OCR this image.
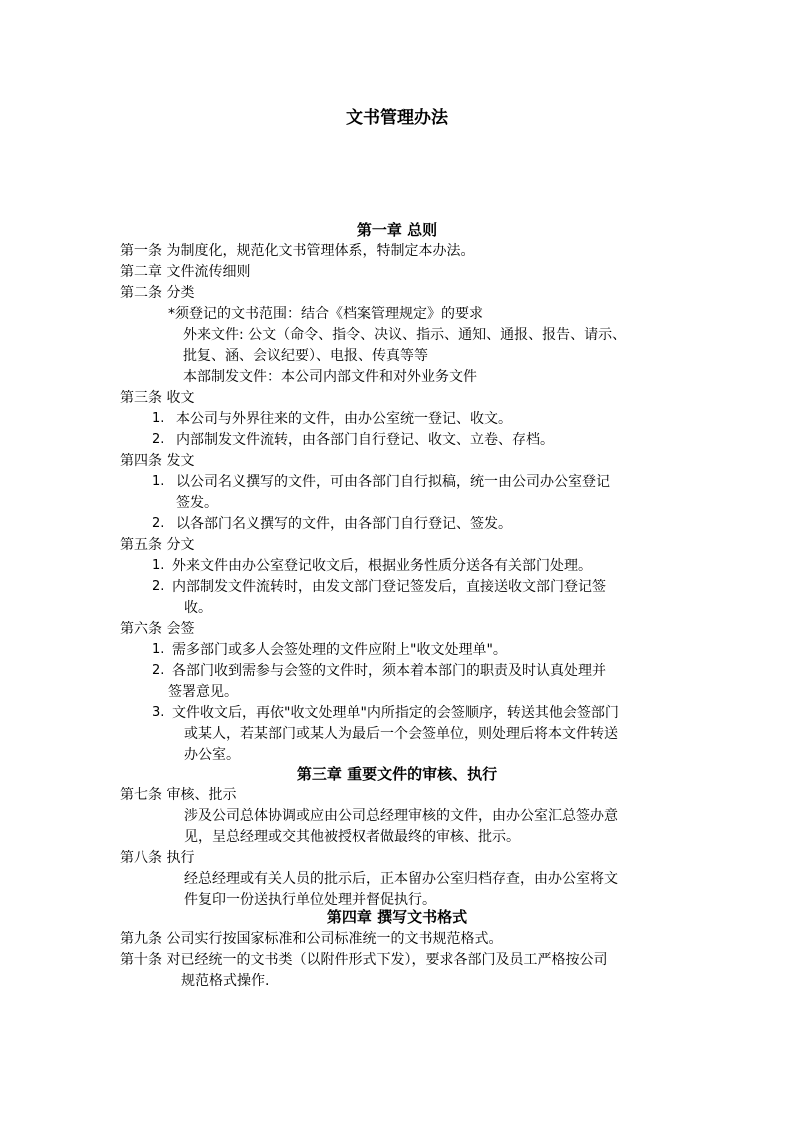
文书管理办法
第一章 总则
第一条 为制度化，规范化文书管理体系，特制定本办法。
第二章 文件流传细则
第二条 分类
*须登记的文书范围：结合《档案管理规定》的要求
外来文件: 公文（命令、指令、决议、指示、通知、通报、报告、请示、
批复、涵、会议纪要）、电报、传真等等
本部制发文件：本公司内部文件和对外业务文件
第三条 收文
1. 本公司与外界往来的文件，由办公室统一登记、收文。
2. 内部制发文件流转，由各部门自行登记、收文、立卷、存档。
第四条 发文
1. 以公司名义撰写的文件，可由各部门自行拟稿，统一由公司办公室登记
签发。
2. 以各部门名义撰写的文件，由各部门自行登记、签发。
第五条 分文
1. 外来文件由办公室登记收文后，根据业务性质分送各有关部门处理。
2. 内部制发文件流转时，由发文部门登记签发后，直接送收文部门登记签
收。
第六条 会签
1. 需多部门或多人会签处理的文件应附上"收文处理单"。
2. 各部门收到需参与会签的文件时，须本着本部门的职责及时认真处理并
签署意见。
3. 文件收文后，再依"收文处理单"内所指定的会签顺序，转送其他会签部门
或某人，若某部门或某人为最后一个会签单位，则处理后将本文件转送
办公室。
第三章 重要文件的审核、执行
第七条 审核、批示
涉及公司总体协调或应由公司总经理审核的文件，由办公室汇总签办意
见，呈总经理或交其他被授权者做最终的审核、批示。
第八条 执行
经总经理或有关人员的批示后，正本留办公室归档存查，由办公室将文
件复印一份送执行单位处理并督促执行。
第四章 撰写文书格式
第九条 公司实行按国家标准和公司标准统一的文书规范格式。
第十条 对已经统一的文书类（以附件形式下发），要求各部门及员工严格按公司
规范格式操作.
